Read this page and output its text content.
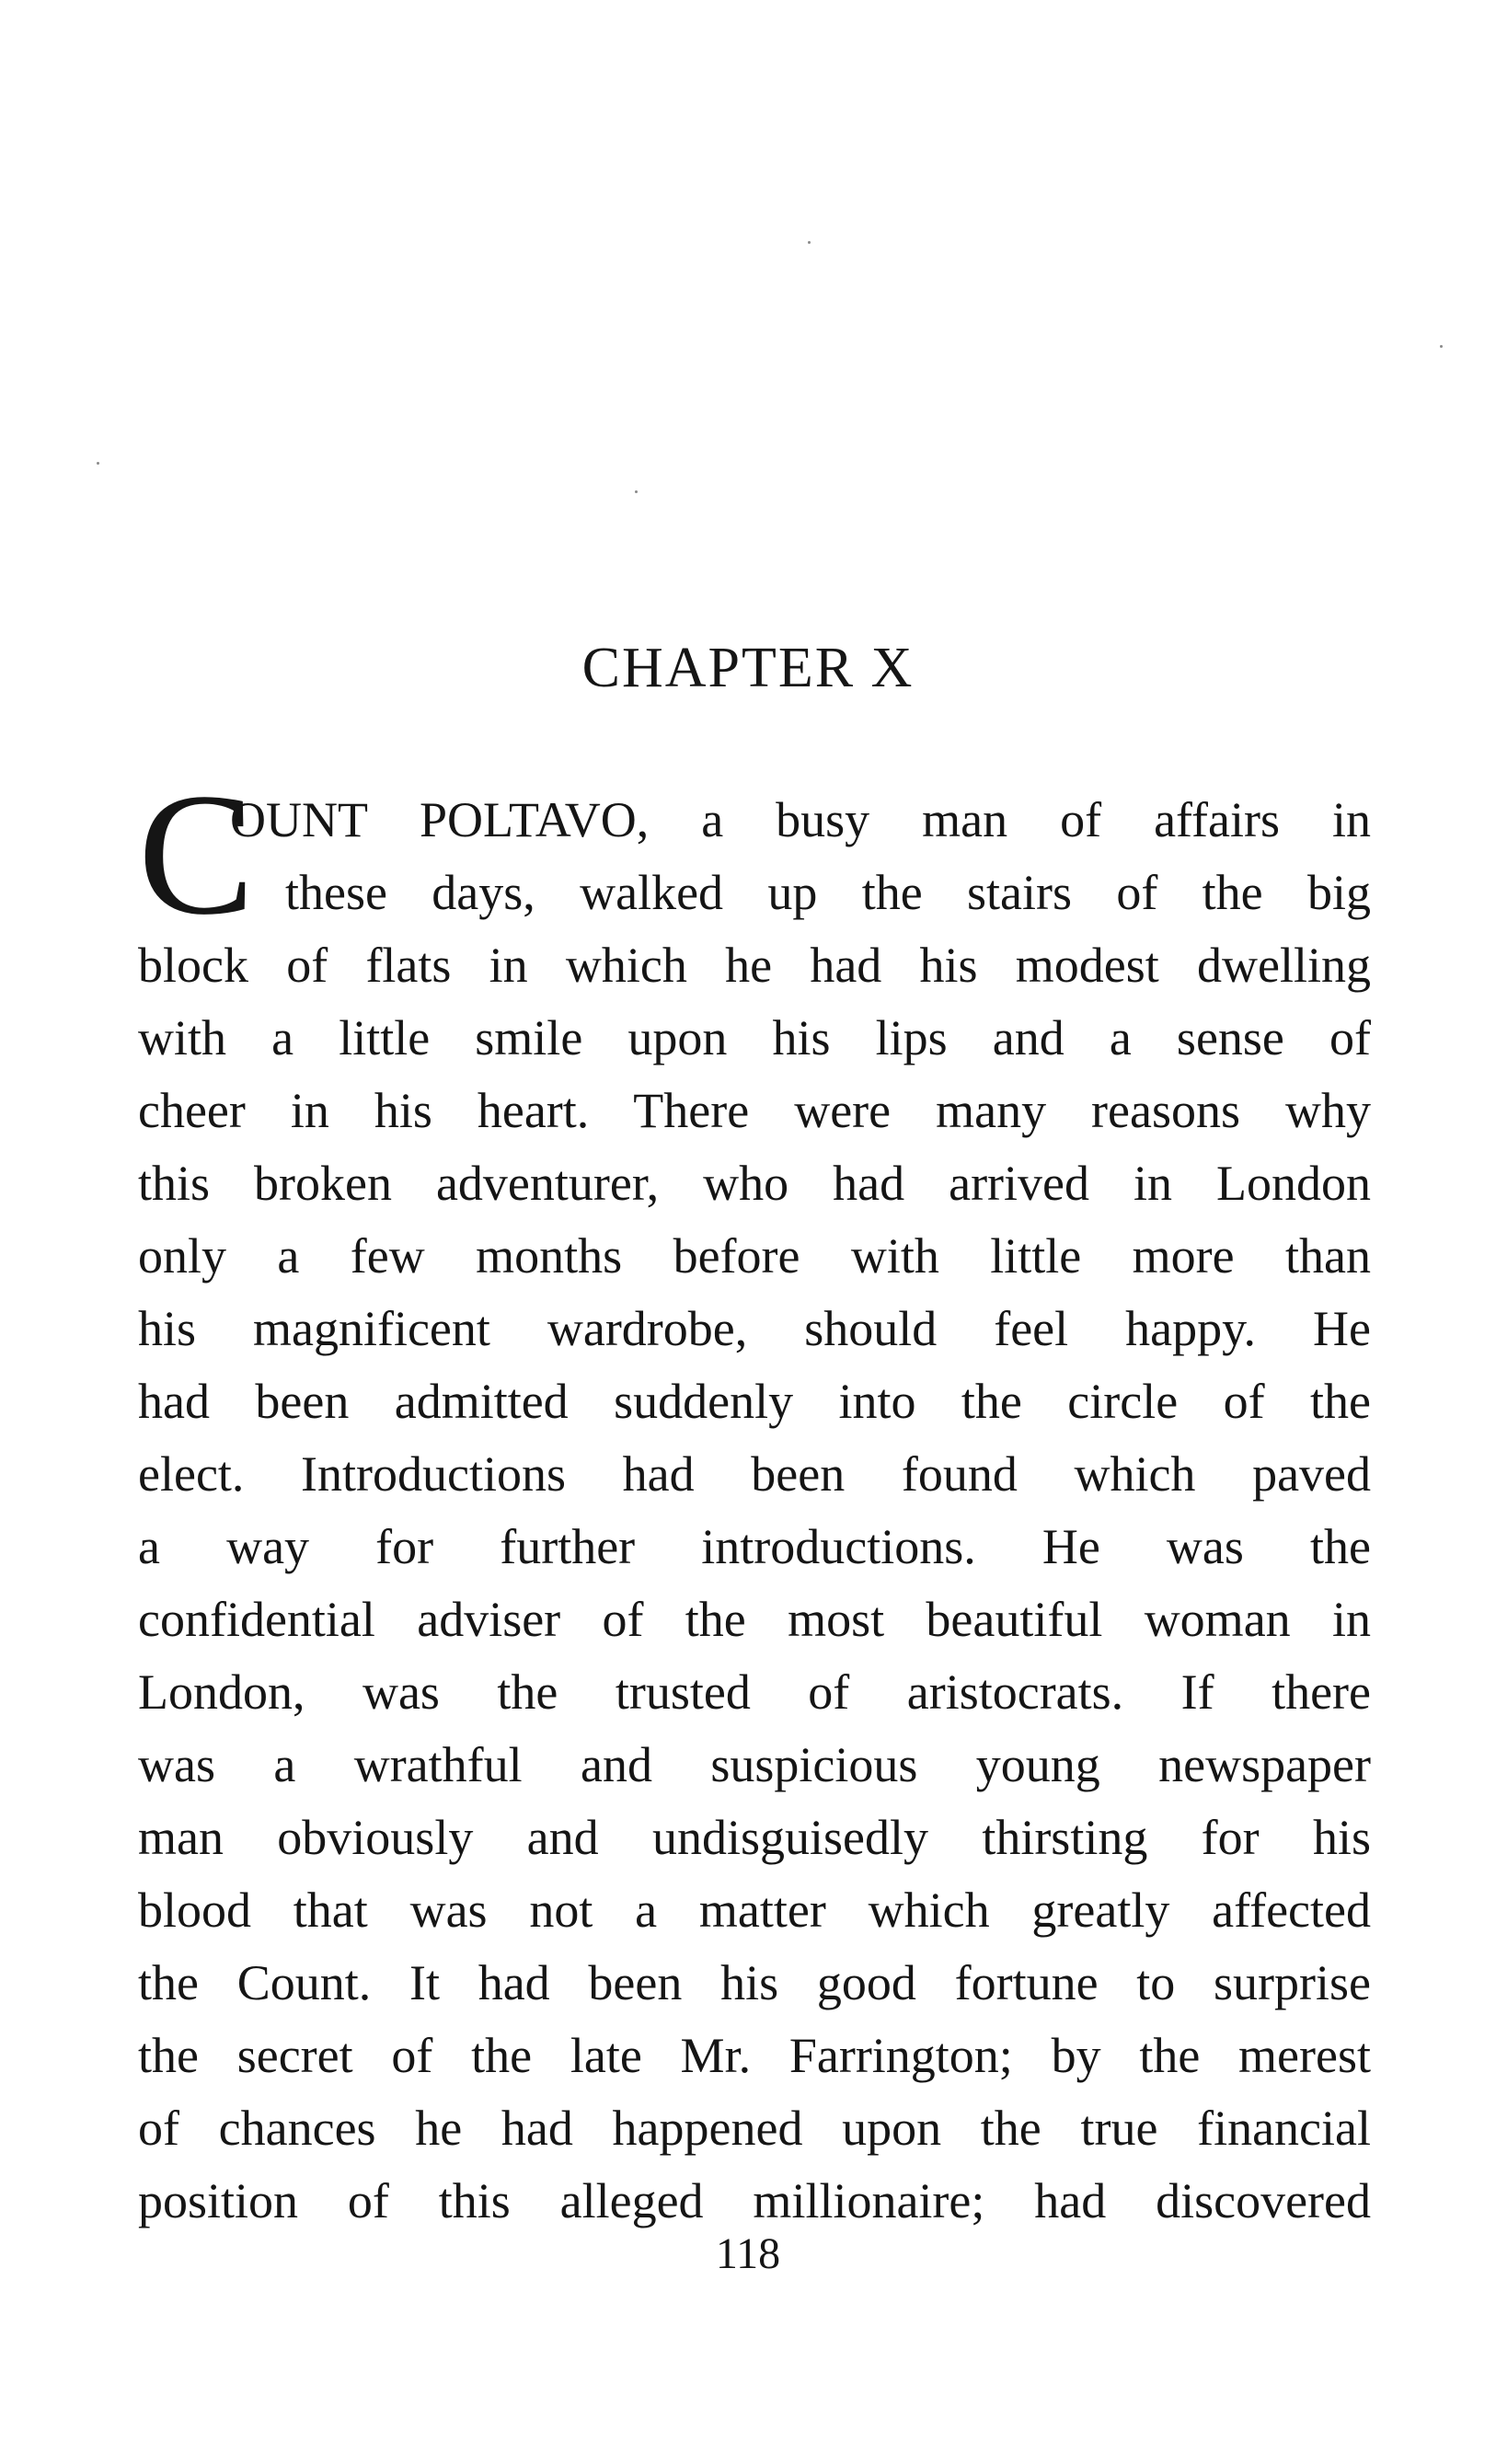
CHAPTER X
C
OUNT POLTAVO, a busy man of affairs in
these days, walked up the stairs of the big
block of flats in which he had his modest dwelling
with a little smile upon his lips and a sense of
cheer in his heart. There were many reasons why
this broken adventurer, who had arrived in London
only a few months before with little more than
his magnificent wardrobe, should feel happy. He
had been admitted suddenly into the circle of the
elect. Introductions had been found which paved
a way for further introductions. He was the
confidential adviser of the most beautiful woman in
London, was the trusted of aristocrats. If there
was a wrathful and suspicious young newspaper
man obviously and undisguisedly thirsting for his
blood that was not a matter which greatly affected
the Count. It had been his good fortune to surprise
the secret of the late Mr. Farrington; by the merest
of chances he had happened upon the true financial
position of this alleged millionaire; had discovered
118
